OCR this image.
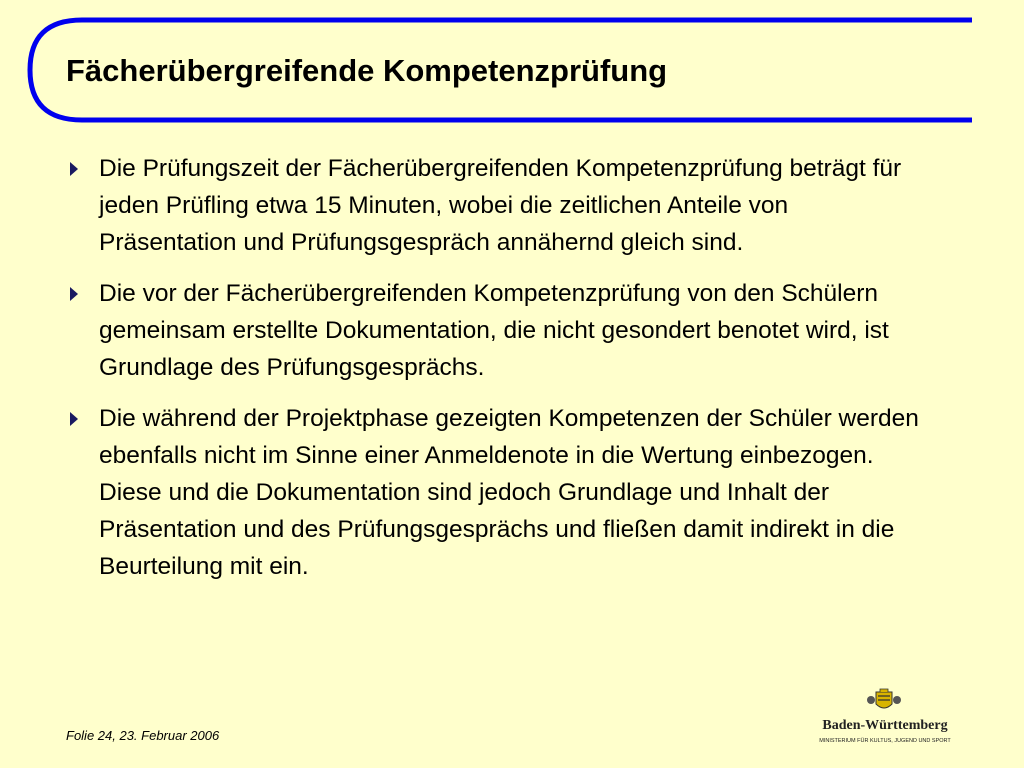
Fächerübergreifende Kompetenzprüfung
Die Prüfungszeit der Fächerübergreifenden Kompetenzprüfung beträgt für jeden Prüfling etwa 15 Minuten, wobei die zeitlichen Anteile von Präsentation und Prüfungsgespräch annähernd gleich sind.
Die vor der Fächerübergreifenden Kompetenzprüfung von den Schülern gemeinsam erstellte Dokumentation, die nicht gesondert benotet wird, ist Grundlage des Prüfungsgesprächs.
Die während der Projektphase gezeigten Kompetenzen der Schüler werden ebenfalls nicht im Sinne einer Anmeldenote in die Wertung einbezogen. Diese und die Dokumentation sind jedoch Grundlage und Inhalt der Präsentation und des Prüfungsgesprächs und fließen damit indirekt in die Beurteilung mit ein.
Folie 24, 23. Februar 2006
Baden-Württemberg
MINISTERIUM FÜR KULTUS, JUGEND UND SPORT
